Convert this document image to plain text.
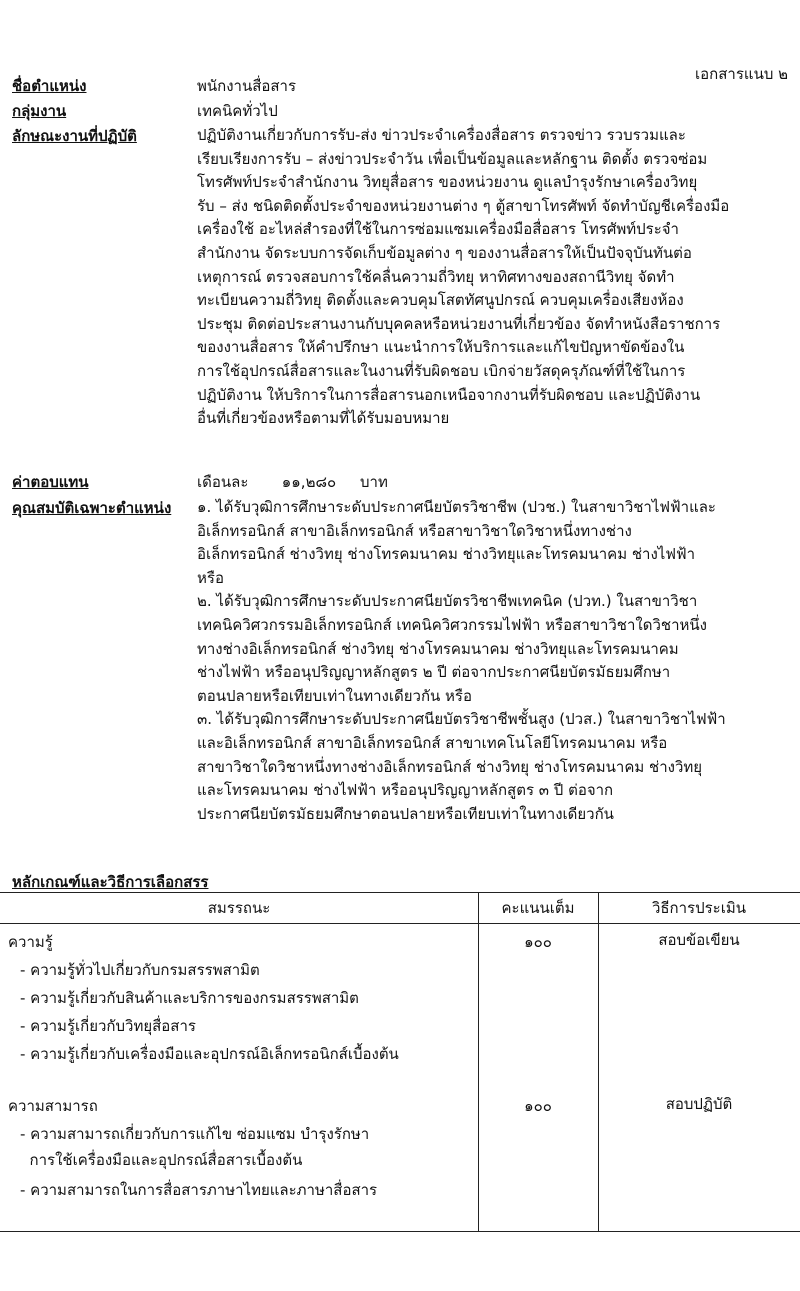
เอกสารแนบ ๒
ชื่อตำแหน่ง	พนักงานสื่อสาร
กลุ่มงาน	เทคนิคทั่วไป
ลักษณะงานที่ปฏิบัติ	ปฏิบัติงานเกี่ยวกับการรับ-ส่ง ข่าวประจำเครื่องสื่อสาร ตรวจข่าว รวบรวมและ
เรียบเรียงการรับ – ส่งข่าวประจำวัน เพื่อเป็นข้อมูลและหลักฐาน ติดตั้ง ตรวจซ่อม
โทรศัพท์ประจำสำนักงาน วิทยุสื่อสาร ของหน่วยงาน ดูแลบำรุงรักษาเครื่องวิทยุ
รับ – ส่ง ชนิดติดตั้งประจำของหน่วยงานต่าง ๆ ตู้สาขาโทรศัพท์ จัดทำบัญชีเครื่องมือ
เครื่องใช้ อะไหล่สำรองที่ใช้ในการซ่อมแซมเครื่องมือสื่อสาร โทรศัพท์ประจำ
สำนักงาน จัดระบบการจัดเก็บข้อมูลต่าง ๆ ของงานสื่อสารให้เป็นปัจจุบันทันต่อ
เหตุการณ์ ตรวจสอบการใช้คลื่นความถี่วิทยุ หาทิศทางของสถานีวิทยุ จัดทำ
ทะเบียนความถี่วิทยุ ติดตั้งและควบคุมโสตทัศนูปกรณ์ ควบคุมเครื่องเสียงห้อง
ประชุม ติดต่อประสานงานกับบุคคลหรือหน่วยงานที่เกี่ยวข้อง จัดทำหนังสือราชการ
ของงานสื่อสาร ให้คำปรึกษา แนะนำการให้บริการและแก้ไขปัญหาขัดข้องใน
การใช้อุปกรณ์สื่อสารและในงานที่รับผิดชอบ เบิกจ่ายวัสดุครุภัณฑ์ที่ใช้ในการ
ปฏิบัติงาน ให้บริการในการสื่อสารนอกเหนือจากงานที่รับผิดชอบ และปฏิบัติงาน
อื่นที่เกี่ยวข้องหรือตามที่ได้รับมอบหมาย
ค่าตอบแทน	เดือนละ       ๑๑,๒๘๐     บาท
คุณสมบัติเฉพาะตำแหน่ง ๑. ได้รับวุฒิการศึกษาระดับประกาศนียบัตรวิชาชีพ (ปวช.) ในสาขาวิชาไฟฟ้าและ
อิเล็กทรอนิกส์ สาขาอิเล็กทรอนิกส์ หรือสาขาวิชาใดวิชาหนึ่งทางช่าง
อิเล็กทรอนิกส์ ช่างวิทยุ ช่างโทรคมนาคม ช่างวิทยุและโทรคมนาคม ช่างไฟฟ้า
หรือ
๒. ได้รับวุฒิการศึกษาระดับประกาศนียบัตรวิชาชีพเทคนิค (ปวท.) ในสาขาวิชา
เทคนิควิศวกรรมอิเล็กทรอนิกส์ เทคนิควิศวกรรมไฟฟ้า หรือสาขาวิชาใดวิชาหนึ่ง
ทางช่างอิเล็กทรอนิกส์ ช่างวิทยุ ช่างโทรคมนาคม ช่างวิทยุและโทรคมนาคม
ช่างไฟฟ้า หรืออนุปริญญาหลักสูตร ๒ ปี ต่อจากประกาศนียบัตรมัธยมศึกษา
ตอนปลายหรือเทียบเท่าในทางเดียวกัน หรือ
๓. ได้รับวุฒิการศึกษาระดับประกาศนียบัตรวิชาชีพชั้นสูง (ปวส.) ในสาขาวิชาไฟฟ้า
และอิเล็กทรอนิกส์ สาขาอิเล็กทรอนิกส์ สาขาเทคโนโลยีโทรคมนาคม หรือ
สาขาวิชาใดวิชาหนึ่งทางช่างอิเล็กทรอนิกส์ ช่างวิทยุ ช่างโทรคมนาคม ช่างวิทยุ
และโทรคมนาคม ช่างไฟฟ้า หรืออนุปริญญาหลักสูตร ๓ ปี ต่อจาก
ประกาศนียบัตรมัธยมศึกษาตอนปลายหรือเทียบเท่าในทางเดียวกัน
หลักเกณฑ์และวิธีการเลือกสรร
สมรรถนะ	คะแนนเต็ม	วิธีการประเมิน
ความรู้
- ความรู้ทั่วไปเกี่ยวกับกรมสรรพสามิต
- ความรู้เกี่ยวกับสินค้าและบริการของกรมสรรพสามิต
- ความรู้เกี่ยวกับวิทยุสื่อสาร
- ความรู้เกี่ยวกับเครื่องมือและอุปกรณ์อิเล็กทรอนิกส์เบื้องต้น
๑๐๐	สอบข้อเขียน
ความสามารถ
- ความสามารถเกี่ยวกับการแก้ไข ซ่อมแซม บำรุงรักษา
การใช้เครื่องมือและอุปกรณ์สื่อสารเบื้องต้น
- ความสามารถในการสื่อสารภาษาไทยและภาษาสื่อสาร
๑๐๐	สอบปฏิบัติ
